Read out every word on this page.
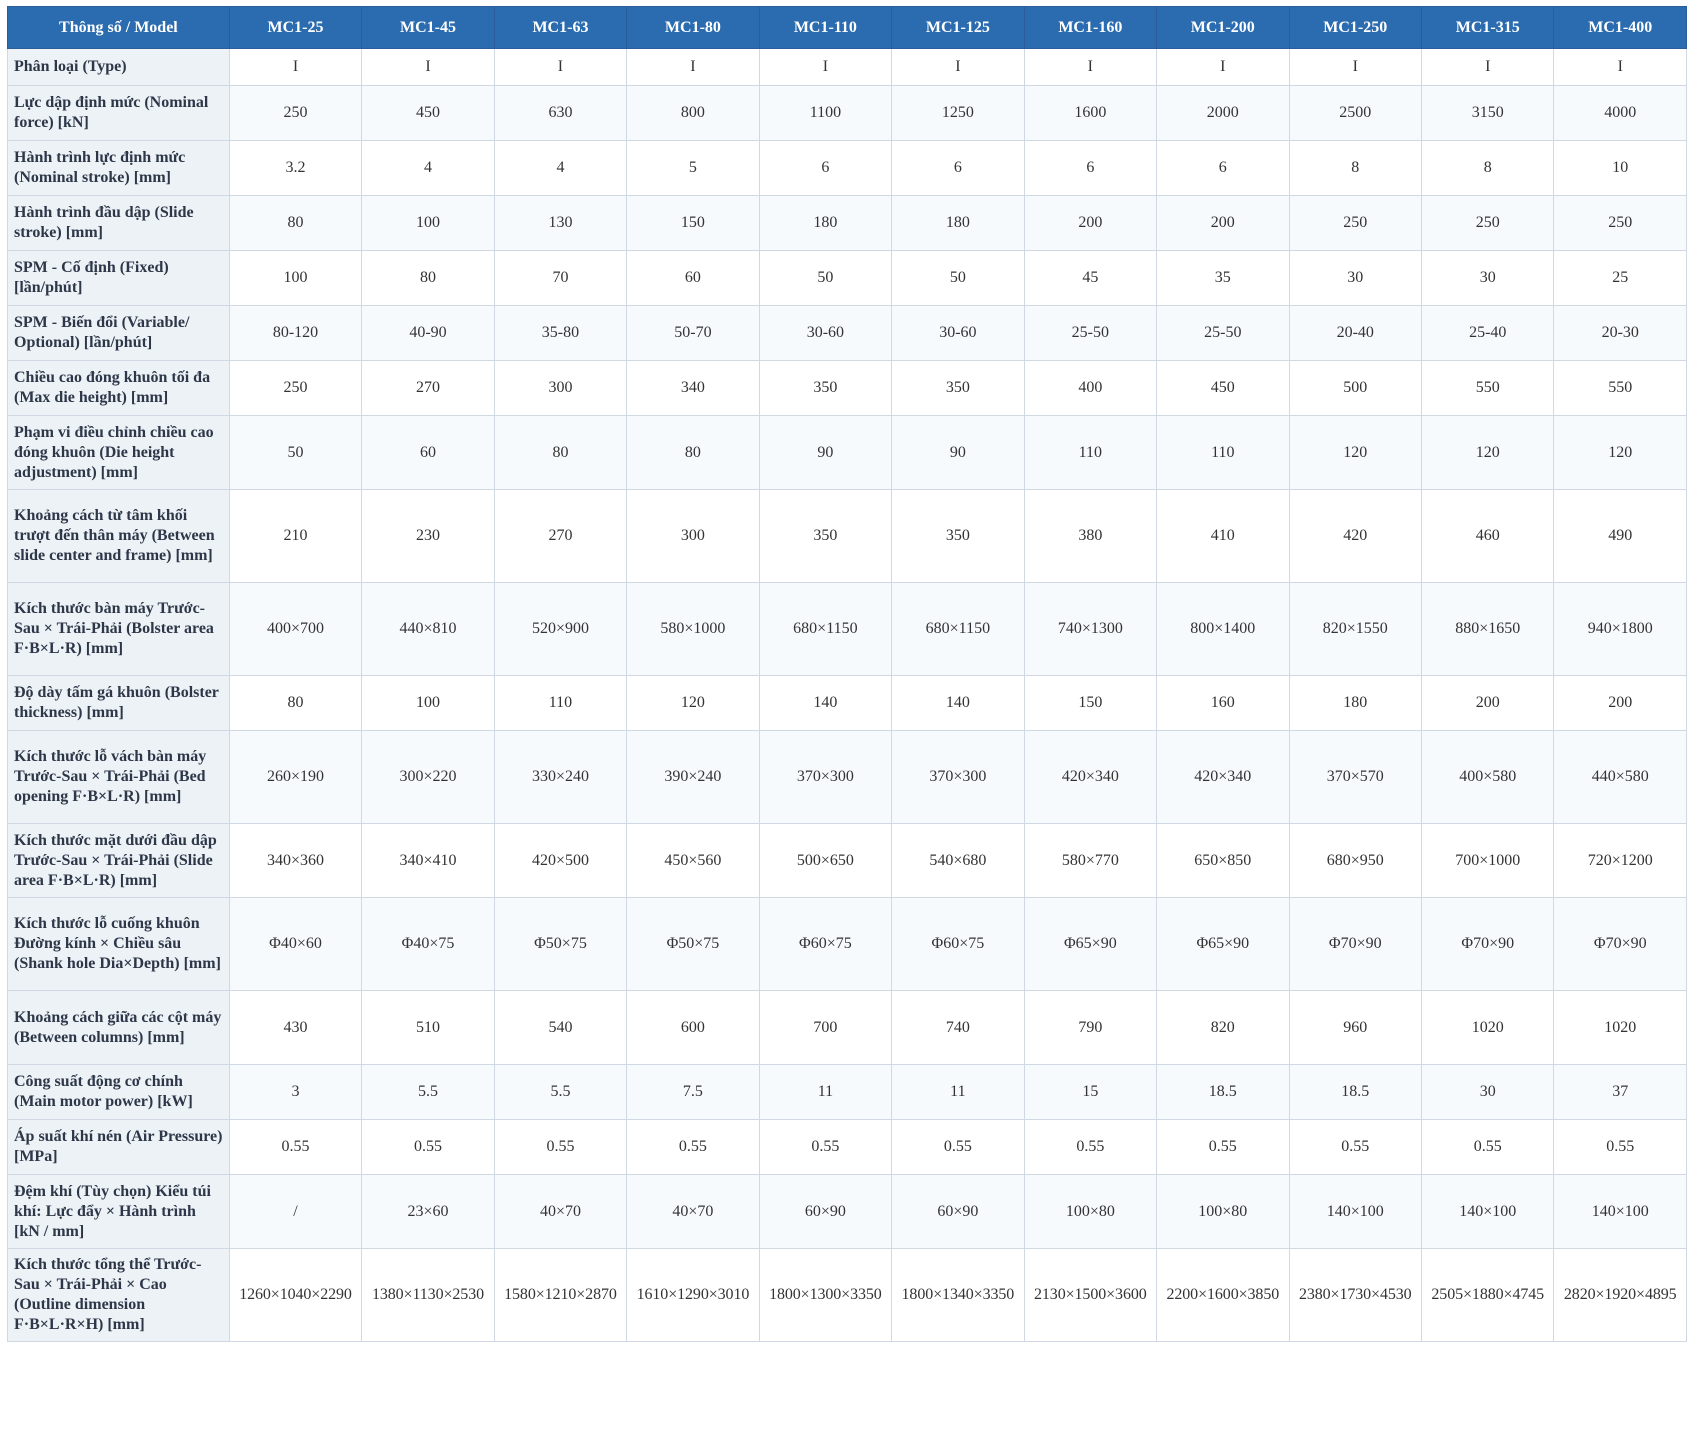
Thông số / Model	MC1-25	MC1-45	MC1-63	MC1-80	MC1-110	MC1-125	MC1-160	MC1-200	MC1-250	MC1-315	MC1-400
Phân loại (Type)	I	I	I	I	I	I	I	I	I	I	I
Lực dập định mức (Nominal force) [kN]	250	450	630	800	1100	1250	1600	2000	2500	3150	4000
Hành trình lực định mức (Nominal stroke) [mm]	3.2	4	4	5	6	6	6	6	8	8	10
Hành trình đầu dập (Slide stroke) [mm]	80	100	130	150	180	180	200	200	250	250	250
SPM - Cố định (Fixed) [lần/phút]	100	80	70	60	50	50	45	35	30	30	25
SPM - Biến đổi (Variable/ Optional) [lần/phút]	80-120	40-90	35-80	50-70	30-60	30-60	25-50	25-50	20-40	25-40	20-30
Chiều cao đóng khuôn tối đa (Max die height) [mm]	250	270	300	340	350	350	400	450	500	550	550
Phạm vi điều chỉnh chiều cao đóng khuôn (Die height adjustment) [mm]	50	60	80	80	90	90	110	110	120	120	120
Khoảng cách từ tâm khối trượt đến thân máy (Between slide center and frame) [mm]	210	230	270	300	350	350	380	410	420	460	490
Kích thước bàn máy Trước-Sau × Trái-Phải (Bolster area F·B×L·R) [mm]	400×700	440×810	520×900	580×1000	680×1150	680×1150	740×1300	800×1400	820×1550	880×1650	940×1800
Độ dày tấm gá khuôn (Bolster thickness) [mm]	80	100	110	120	140	140	150	160	180	200	200
Kích thước lỗ vách bàn máy Trước-Sau × Trái-Phải (Bed opening F·B×L·R) [mm]	260×190	300×220	330×240	390×240	370×300	370×300	420×340	420×340	370×570	400×580	440×580
Kích thước mặt dưới đầu dập Trước-Sau × Trái-Phải (Slide area F·B×L·R) [mm]	340×360	340×410	420×500	450×560	500×650	540×680	580×770	650×850	680×950	700×1000	720×1200
Kích thước lỗ cuống khuôn Đường kính × Chiều sâu (Shank hole Dia×Depth) [mm]	Φ40×60	Φ40×75	Φ50×75	Φ50×75	Φ60×75	Φ60×75	Φ65×90	Φ65×90	Φ70×90	Φ70×90	Φ70×90
Khoảng cách giữa các cột máy (Between columns) [mm]	430	510	540	600	700	740	790	820	960	1020	1020
Công suất động cơ chính (Main motor power) [kW]	3	5.5	5.5	7.5	11	11	15	18.5	18.5	30	37
Áp suất khí nén (Air Pressure) [MPa]	0.55	0.55	0.55	0.55	0.55	0.55	0.55	0.55	0.55	0.55	0.55
Đệm khí (Tùy chọn) Kiểu túi khí: Lực đẩy × Hành trình [kN / mm]	/	23×60	40×70	40×70	60×90	60×90	100×80	100×80	140×100	140×100	140×100
Kích thước tổng thể Trước-Sau × Trái-Phải × Cao (Outline dimension F·B×L·R×H) [mm]	1260×1040×2290	1380×1130×2530	1580×1210×2870	1610×1290×3010	1800×1300×3350	1800×1340×3350	2130×1500×3600	2200×1600×3850	2380×1730×4530	2505×1880×4745	2820×1920×4895
